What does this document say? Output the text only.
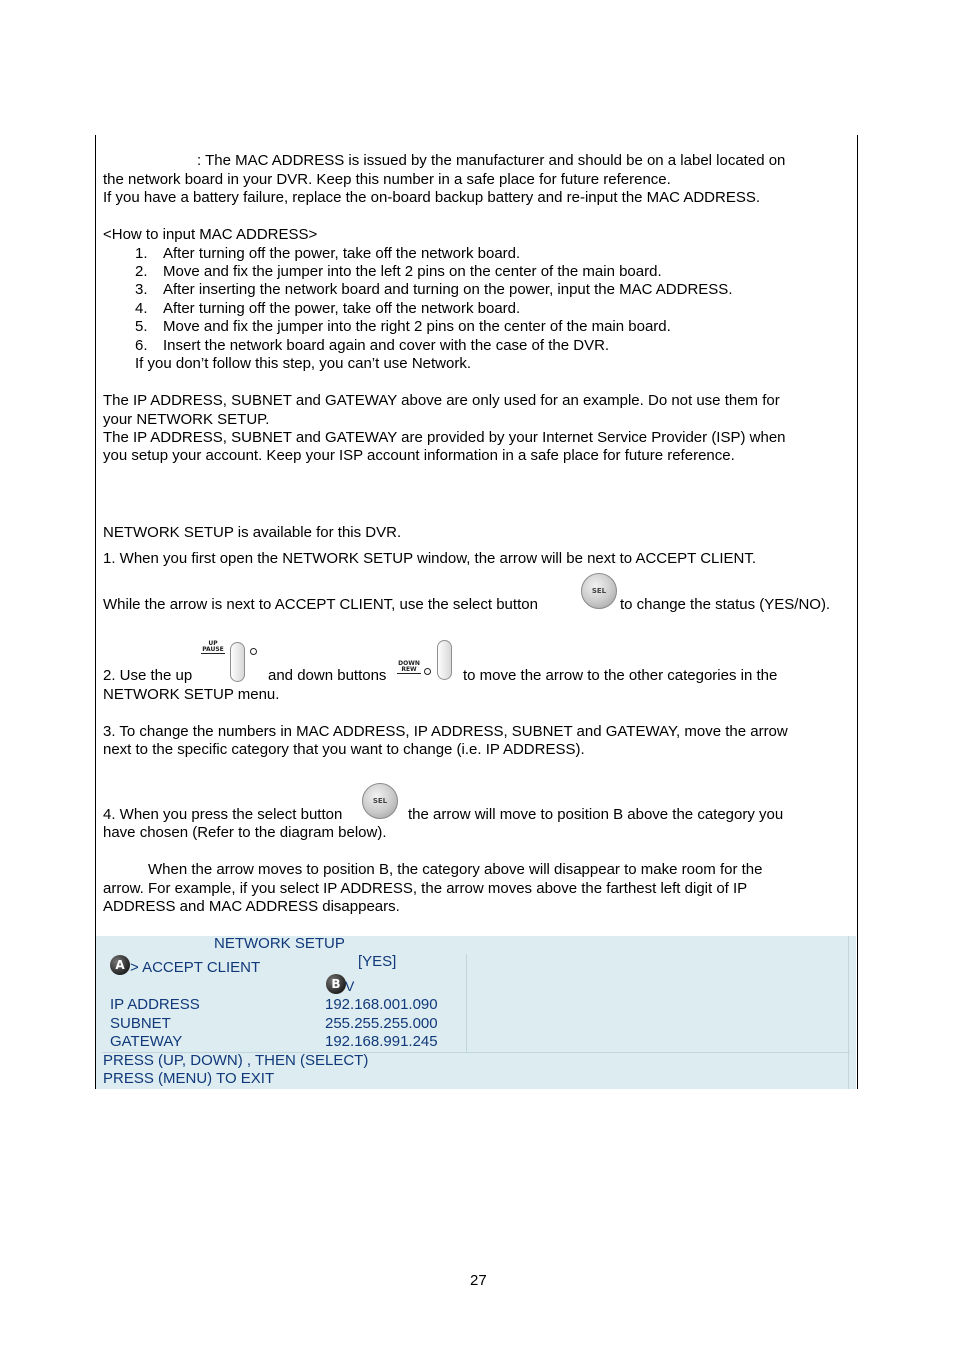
: The MAC ADDRESS is issued by the manufacturer and should be on a label located on
the network board in your DVR. Keep this number in a safe place for future reference.
If you have a battery failure, replace the on-board backup battery and re-input the MAC ADDRESS.
<How to input MAC ADDRESS>
1. After turning off the power, take off the network board.
2. Move and fix the jumper into the left 2 pins on the center of the main board.
3. After inserting the network board and turning on the power, input the MAC ADDRESS.
4. After turning off the power, take off the network board.
5. Move and fix the jumper into the right 2 pins on the center of the main board.
6. Insert the network board again and cover with the case of the DVR.
If you don’t follow this step, you can’t use Network.
The IP ADDRESS, SUBNET and GATEWAY above are only used for an example. Do not use them for
your NETWORK SETUP.
The IP ADDRESS, SUBNET and GATEWAY are provided by your Internet Service Provider (ISP) when
you setup your account. Keep your ISP account information in a safe place for future reference.
NETWORK SETUP is available for this DVR.
1. When you first open the NETWORK SETUP window, the arrow will be next to ACCEPT CLIENT.
While the arrow is next to ACCEPT CLIENT, use the select button
SEL
to change the status (YES/NO).
2. Use the up
UP
PAUSE
and down buttons
DOWN
REW	to move the arrow to the other categories in the
NETWORK SETUP menu.
3. To change the numbers in MAC ADDRESS, IP ADDRESS, SUBNET and GATEWAY, move the arrow
next to the specific category that you want to change (i.e. IP ADDRESS).
4. When you press the select button
SEL
the arrow will move to position B above the category you
have chosen (Refer to the diagram below).
When the arrow moves to position B, the category above will disappear to make room for the
arrow. For example, if you select IP ADDRESS, the arrow moves above the farthest left digit of IP
ADDRESS and MAC ADDRESS disappears.
NETWORK SETUP
A > ACCEPT CLIENT	[YES]
B V
IP ADDRESS	192.168.001.090
SUBNET	255.255.255.000
GATEWAY	192.168.991.245
PRESS (UP, DOWN) , THEN (SELECT)
PRESS (MENU) TO EXIT
27
